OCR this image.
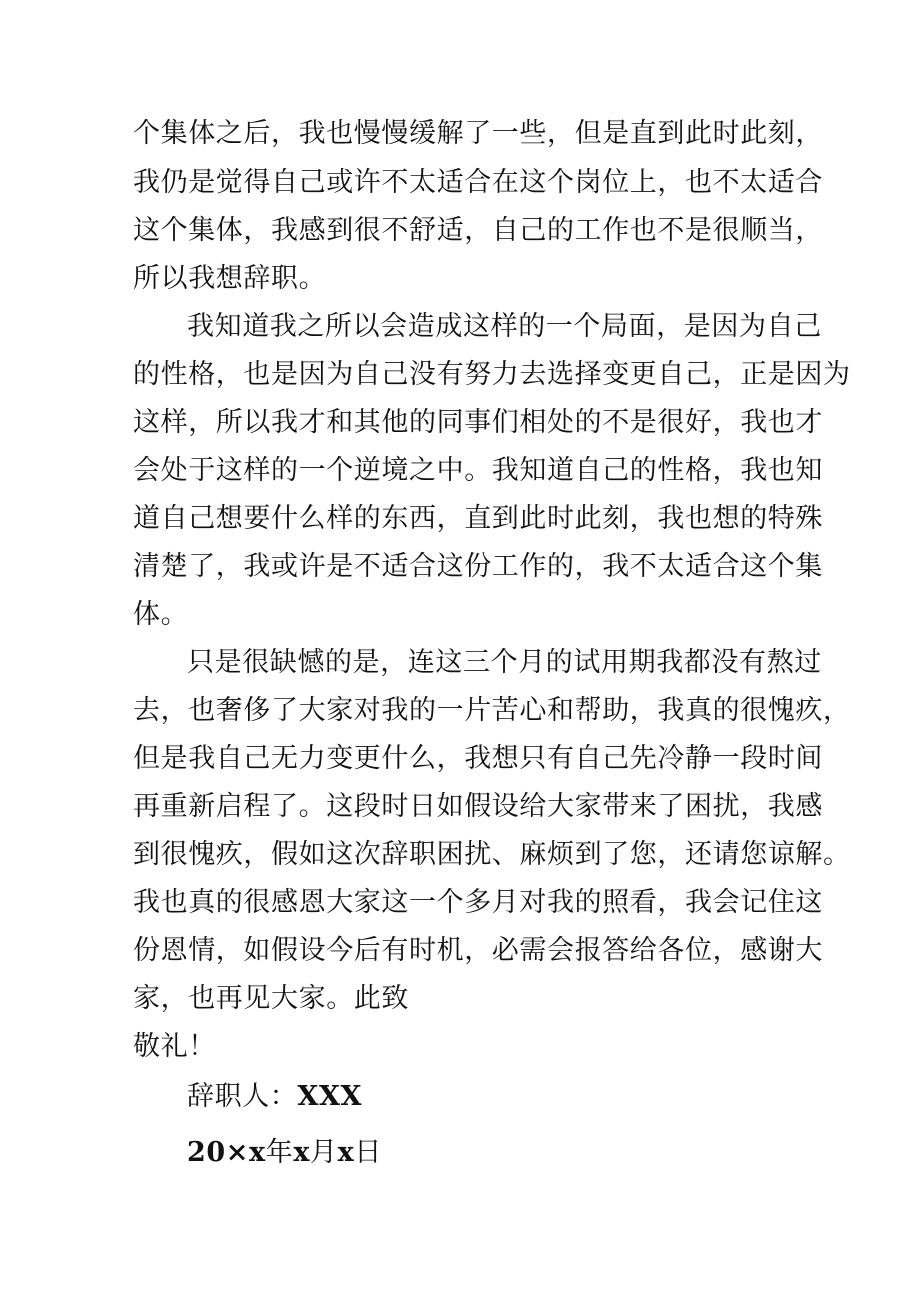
个集体之后，我也慢慢缓解了一些，但是直到此时此刻，
我仍是觉得自己或许不太适合在这个岗位上，也不太适合
这个集体，我感到很不舒适，自己的工作也不是很顺当，
所以我想辞职。
我知道我之所以会造成这样的一个局面，是因为自己
的性格，也是因为自己没有努力去选择变更自己，正是因为
这样，所以我才和其他的同事们相处的不是很好，我也才
会处于这样的一个逆境之中。我知道自己的性格，我也知
道自己想要什么样的东西，直到此时此刻，我也想的特殊
清楚了，我或许是不适合这份工作的，我不太适合这个集
体。
只是很缺憾的是，连这三个月的试用期我都没有熬过
去，也奢侈了大家对我的一片苦心和帮助，我真的很愧疚，
但是我自己无力变更什么，我想只有自己先冷静一段时间
再重新启程了。这段时日如假设给大家带来了困扰，我感
到很愧疚，假如这次辞职困扰、麻烦到了您，还请您谅解。
我也真的很感恩大家这一个多月对我的照看，我会记住这
份恩情，如假设今后有时机，必需会报答给各位，感谢大
家，也再见大家。此致
敬礼！
辞职人：XXX
20×x年x月x日
